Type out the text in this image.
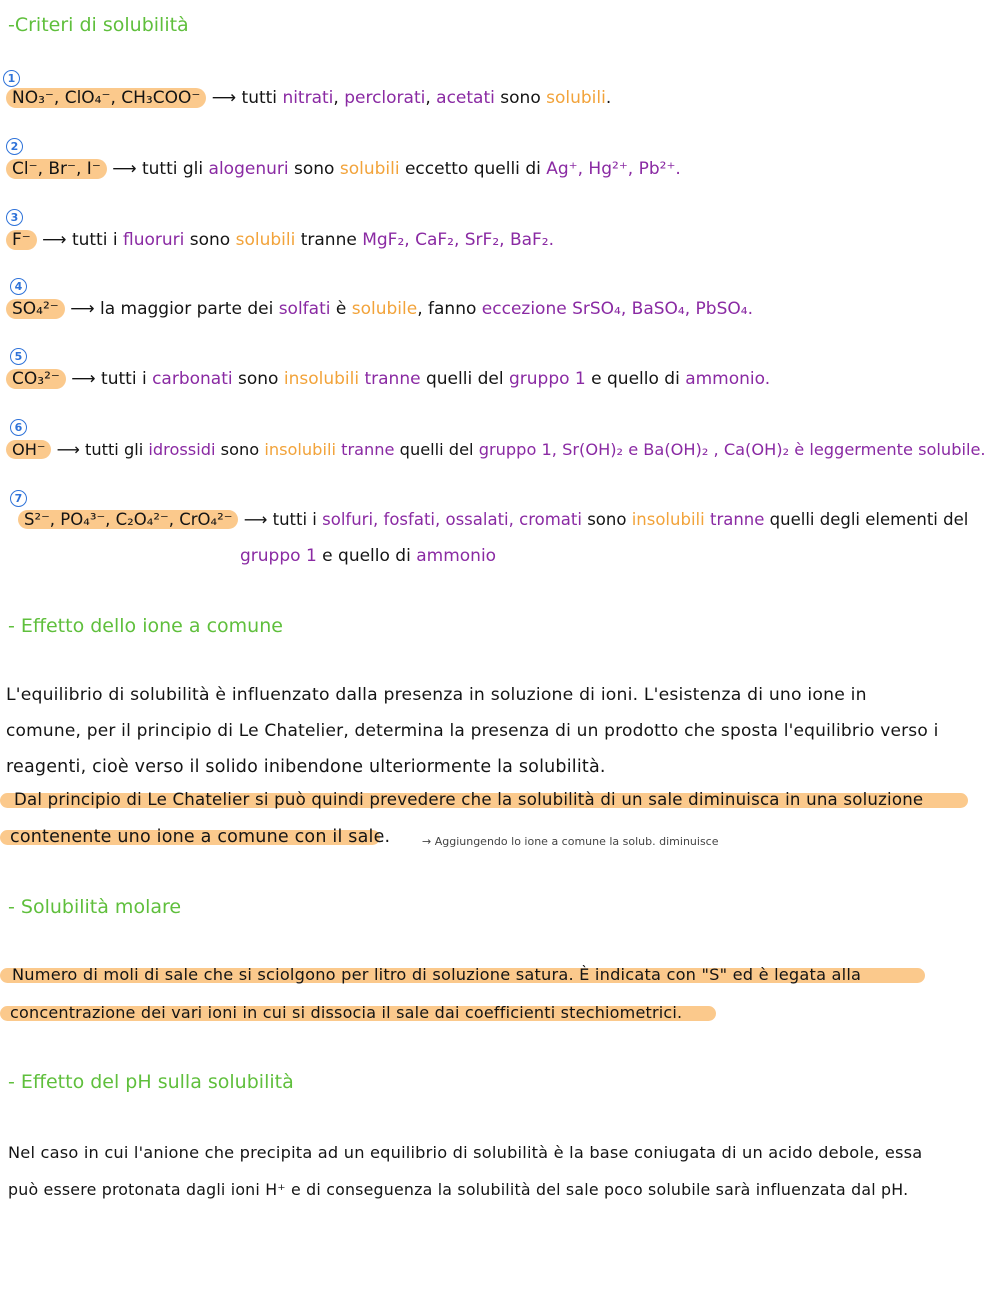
-Criteri di solubilità
1
NO₃⁻, ClO₄⁻, CH₃COO⁻ ⟶ tutti nitrati, perclorati, acetati sono solubili.
2
Cl⁻, Br⁻, I⁻ ⟶ tutti gli alogenuri sono solubili eccetto quelli di Ag⁺, Hg²⁺, Pb²⁺.
3
F⁻ ⟶ tutti i fluoruri sono solubili tranne MgF₂, CaF₂, SrF₂, BaF₂.
4
SO₄²⁻ ⟶ la maggior parte dei solfati è solubile, fanno eccezione SrSO₄, BaSO₄, PbSO₄.
5
CO₃²⁻ ⟶ tutti i carbonati sono insolubili tranne quelli del gruppo 1 e quello di ammonio.
6
OH⁻ ⟶ tutti gli idrossidi sono insolubili tranne quelli del gruppo 1, Sr(OH)₂ e Ba(OH)₂ , Ca(OH)₂ è leggermente solubile.
7
S²⁻, PO₄³⁻, C₂O₄²⁻, CrO₄²⁻ ⟶ tutti i solfuri, fosfati, ossalati, cromati sono insolubili tranne quelli degli elementi del
gruppo 1 e quello di ammonio
- Effetto dello ione a comune
L'equilibrio di solubilità è influenzato dalla presenza in soluzione di ioni. L'esistenza di uno ione in
comune, per il principio di Le Chatelier, determina la presenza di un prodotto che sposta l'equilibrio verso i
reagenti, cioè verso il solido inibendone ulteriormente la solubilità.
Dal principio di Le Chatelier si può quindi prevedere che la solubilità di un sale diminuisca in una soluzione
contenente uno ione a comune con il sale.	→ Aggiungendo lo ione a comune la solub. diminuisce
- Solubilità molare
Numero di moli di sale che si sciolgono per litro di soluzione satura. È indicata con "S" ed è legata alla
concentrazione dei vari ioni in cui si dissocia il sale dai coefficienti stechiometrici.
- Effetto del pH sulla solubilità
Nel caso in cui l'anione che precipita ad un equilibrio di solubilità è la base coniugata di un acido debole, essa
può essere protonata dagli ioni H⁺ e di conseguenza la solubilità del sale poco solubile sarà influenzata dal pH.
